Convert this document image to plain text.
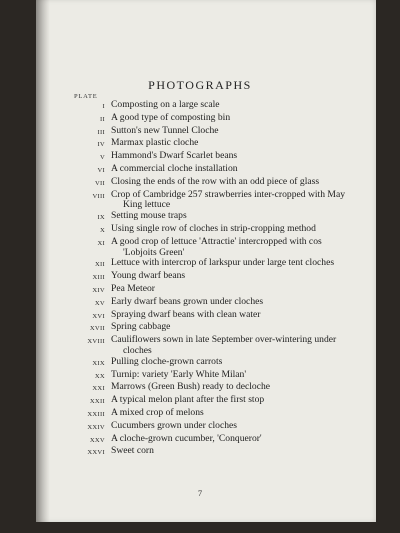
PHOTOGRAPHS
PLATE
I Composting on a large scale
II A good type of composting bin
III Sutton's new Tunnel Cloche
IV Marmax plastic cloche
V Hammond's Dwarf Scarlet beans
VI A commercial cloche installation
VII Closing the ends of the row with an odd piece of glass
VIII Crop of Cambridge 257 strawberries inter-cropped with May King lettuce
IX Setting mouse traps
X Using single row of cloches in strip-cropping method
XI A good crop of lettuce 'Attractie' intercropped with cos 'Lobjoits Green'
XII Lettuce with intercrop of larkspur under large tent cloches
XIII Young dwarf beans
XIV Pea Meteor
XV Early dwarf beans grown under cloches
XVI Spraying dwarf beans with clean water
XVII Spring cabbage
XVIII Cauliflowers sown in late September over-wintering under cloches
XIX Pulling cloche-grown carrots
XX Turnip: variety 'Early White Milan'
XXI Marrows (Green Bush) ready to decloche
XXII A typical melon plant after the first stop
XXIII A mixed crop of melons
XXIV Cucumbers grown under cloches
XXV A cloche-grown cucumber, 'Conqueror'
XXVI Sweet corn
7
